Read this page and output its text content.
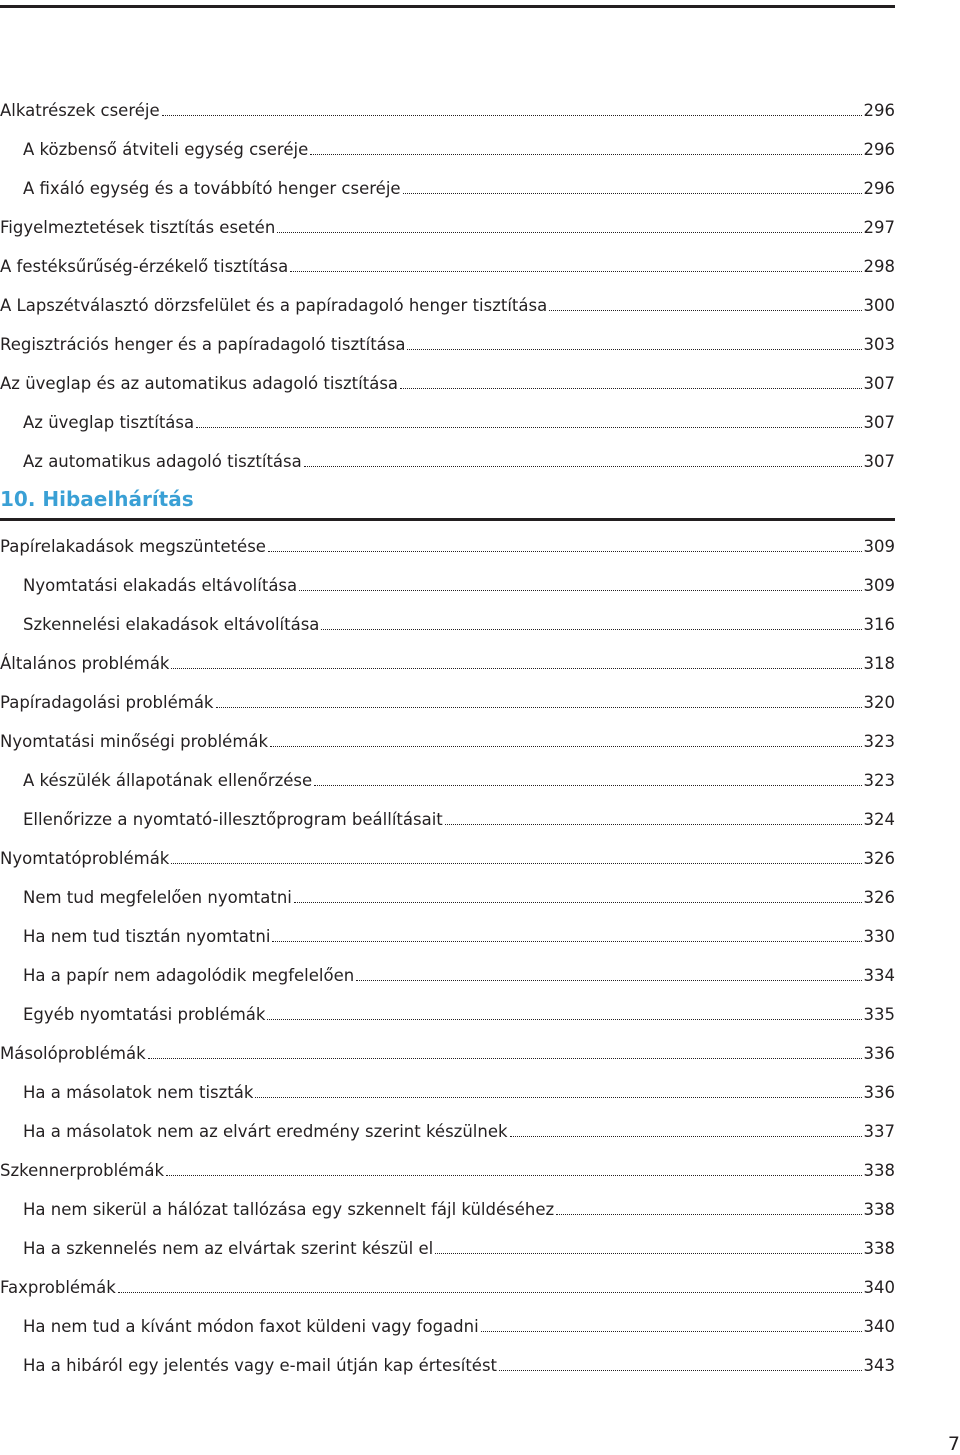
Alkatrészek cseréje	296
A közbenső átviteli egység cseréje	296
A fixáló egység és a továbbító henger cseréje	296
Figyelmeztetések tisztítás esetén	297
A festéksűrűség-érzékelő tisztítása	298
A Lapszétválasztó dörzsfelület és a papíradagoló henger tisztítása	300
Regisztrációs henger és a papíradagoló tisztítása	303
Az üveglap és az automatikus adagoló tisztítása	307
Az üveglap tisztítása	307
Az automatikus adagoló tisztítása	307
10. Hibaelhárítás
Papírelakadások megszüntetése	309
Nyomtatási elakadás eltávolítása	309
Szkennelési elakadások eltávolítása	316
Általános problémák	318
Papíradagolási problémák	320
Nyomtatási minőségi problémák	323
A készülék állapotának ellenőrzése	323
Ellenőrizze a nyomtató-illesztőprogram beállításait	324
Nyomtatóproblémák	326
Nem tud megfelelően nyomtatni	326
Ha nem tud tisztán nyomtatni	330
Ha a papír nem adagolódik megfelelően	334
Egyéb nyomtatási problémák	335
Másolóproblémák	336
Ha a másolatok nem tiszták	336
Ha a másolatok nem az elvárt eredmény szerint készülnek	337
Szkennerproblémák	338
Ha nem sikerül a hálózat tallózása egy szkennelt fájl küldéséhez	338
Ha a szkennelés nem az elvártak szerint készül el	338
Faxproblémák	340
Ha nem tud a kívánt módon faxot küldeni vagy fogadni	340
Ha a hibáról egy jelentés vagy e-mail útján kap értesítést	343
7
